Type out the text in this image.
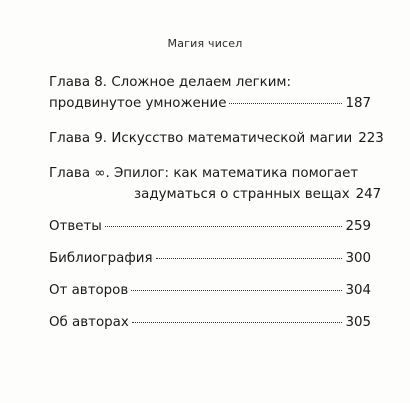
Магия чисел
Глава 8. Сложное делаем легким:
продвинутое умножение	187
Глава 9. Искусство математической магии 223
Глава ∞. Эпилог: как математика помогает
задуматься о странных вещах 247
Ответы	259
Библиография	300
От авторов	304
Об авторах	305
